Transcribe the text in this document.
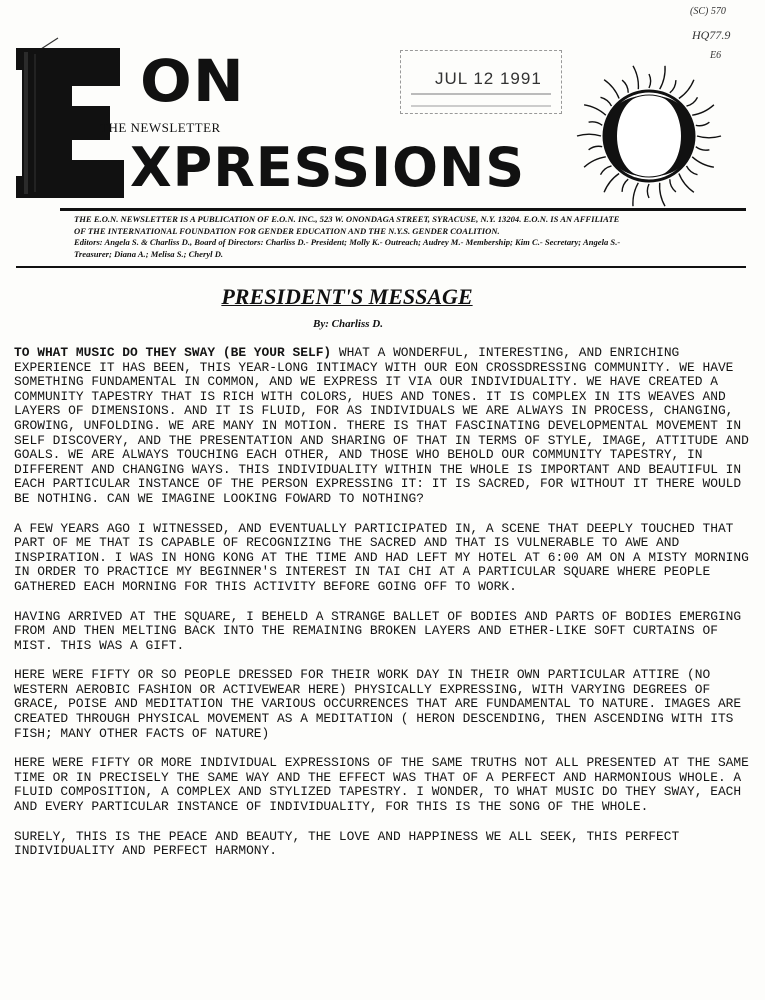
(SC) 570
HQ77.9
E6
JUL 12 1991
ON
THE NEWSLETTER
XPRESSIONS
THE E.O.N. NEWSLETTER IS A PUBLICATION OF E.O.N. INC., 523 W. ONONDAGA STREET, SYRACUSE, N.Y. 13204. E.O.N. IS AN AFFILIATE
OF THE INTERNATIONAL FOUNDATION FOR GENDER EDUCATION AND THE N.Y.S. GENDER COALITION.
Editors: Angela S. & Charliss D., Board of Directors: Charliss D.- President; Molly K.- Outreach; Audrey M.- Membership; Kim C.- Secretary; Angela S.-
Treasurer; Diana A.; Melisa S.; Cheryl D.
PRESIDENT'S MESSAGE
By: Charliss D.

TO WHAT MUSIC DO THEY SWAY (BE YOUR SELF) WHAT A WONDERFUL, INTERESTING, AND ENRICHING EXPERIENCE IT HAS BEEN, THIS YEAR-LONG INTIMACY WITH OUR EON CROSSDRESSING COMMUNITY. WE HAVE SOMETHING FUNDAMENTAL IN COMMON, AND WE EXPRESS IT VIA OUR INDIVIDUALITY. WE HAVE CREATED A COMMUNITY TAPESTRY THAT IS RICH WITH COLORS, HUES AND TONES. IT IS COMPLEX IN ITS WEAVES AND LAYERS OF DIMENSIONS. AND IT IS FLUID, FOR AS INDIVIDUALS WE ARE ALWAYS IN PROCESS, CHANGING, GROWING, UNFOLDING. WE ARE MANY IN MOTION. THERE IS THAT FASCINATING DEVELOPMENTAL MOVEMENT IN SELF DISCOVERY, AND THE PRESENTATION AND SHARING OF THAT IN TERMS OF STYLE, IMAGE, ATTITUDE AND GOALS. WE ARE ALWAYS TOUCHING EACH OTHER, AND THOSE WHO BEHOLD OUR COMMUNITY TAPESTRY, IN DIFFERENT AND CHANGING WAYS. THIS INDIVIDUALITY WITHIN THE WHOLE IS IMPORTANT AND BEAUTIFUL IN EACH PARTICULAR INSTANCE OF THE PERSON EXPRESSING IT: IT IS SACRED, FOR WITHOUT IT THERE WOULD BE NOTHING. CAN WE IMAGINE LOOKING FOWARD TO NOTHING?

A FEW YEARS AGO I WITNESSED, AND EVENTUALLY PARTICIPATED IN, A SCENE THAT DEEPLY TOUCHED THAT PART OF ME THAT IS CAPABLE OF RECOGNIZING THE SACRED AND THAT IS VULNERABLE TO AWE AND INSPIRATION. I WAS IN HONG KONG AT THE TIME AND HAD LEFT MY HOTEL AT 6:00 AM ON A MISTY MORNING IN ORDER TO PRACTICE MY BEGINNER'S INTEREST IN TAI CHI AT A PARTICULAR SQUARE WHERE PEOPLE GATHERED EACH MORNING FOR THIS ACTIVITY BEFORE GOING OFF TO WORK.

HAVING ARRIVED AT THE SQUARE, I BEHELD A STRANGE BALLET OF BODIES AND PARTS OF BODIES EMERGING FROM AND THEN MELTING BACK INTO THE REMAINING BROKEN LAYERS AND ETHER-LIKE SOFT CURTAINS OF MIST. THIS WAS A GIFT.

HERE WERE FIFTY OR SO PEOPLE DRESSED FOR THEIR WORK DAY IN THEIR OWN PARTICULAR ATTIRE (NO WESTERN AEROBIC FASHION OR ACTIVEWEAR HERE) PHYSICALLY EXPRESSING, WITH VARYING DEGREES OF GRACE, POISE AND MEDITATION THE VARIOUS OCCURRENCES THAT ARE FUNDAMENTAL TO NATURE. IMAGES ARE CREATED THROUGH PHYSICAL MOVEMENT AS A MEDITATION ( HERON DESCENDING, THEN ASCENDING WITH ITS FISH; MANY OTHER FACTS OF NATURE)

HERE WERE FIFTY OR MORE INDIVIDUAL EXPRESSIONS OF THE SAME TRUTHS NOT ALL PRESENTED AT THE SAME TIME OR IN PRECISELY THE SAME WAY AND THE EFFECT WAS THAT OF A PERFECT AND HARMONIOUS WHOLE. A FLUID COMPOSITION, A COMPLEX AND STYLIZED TAPESTRY. I WONDER, TO WHAT MUSIC DO THEY SWAY, EACH AND EVERY PARTICULAR INSTANCE OF INDIVIDUALITY, FOR THIS IS THE SONG OF THE WHOLE.

SURELY, THIS IS THE PEACE AND BEAUTY, THE LOVE AND HAPPINESS WE ALL SEEK, THIS PERFECT INDIVIDUALITY AND PERFECT HARMONY.
